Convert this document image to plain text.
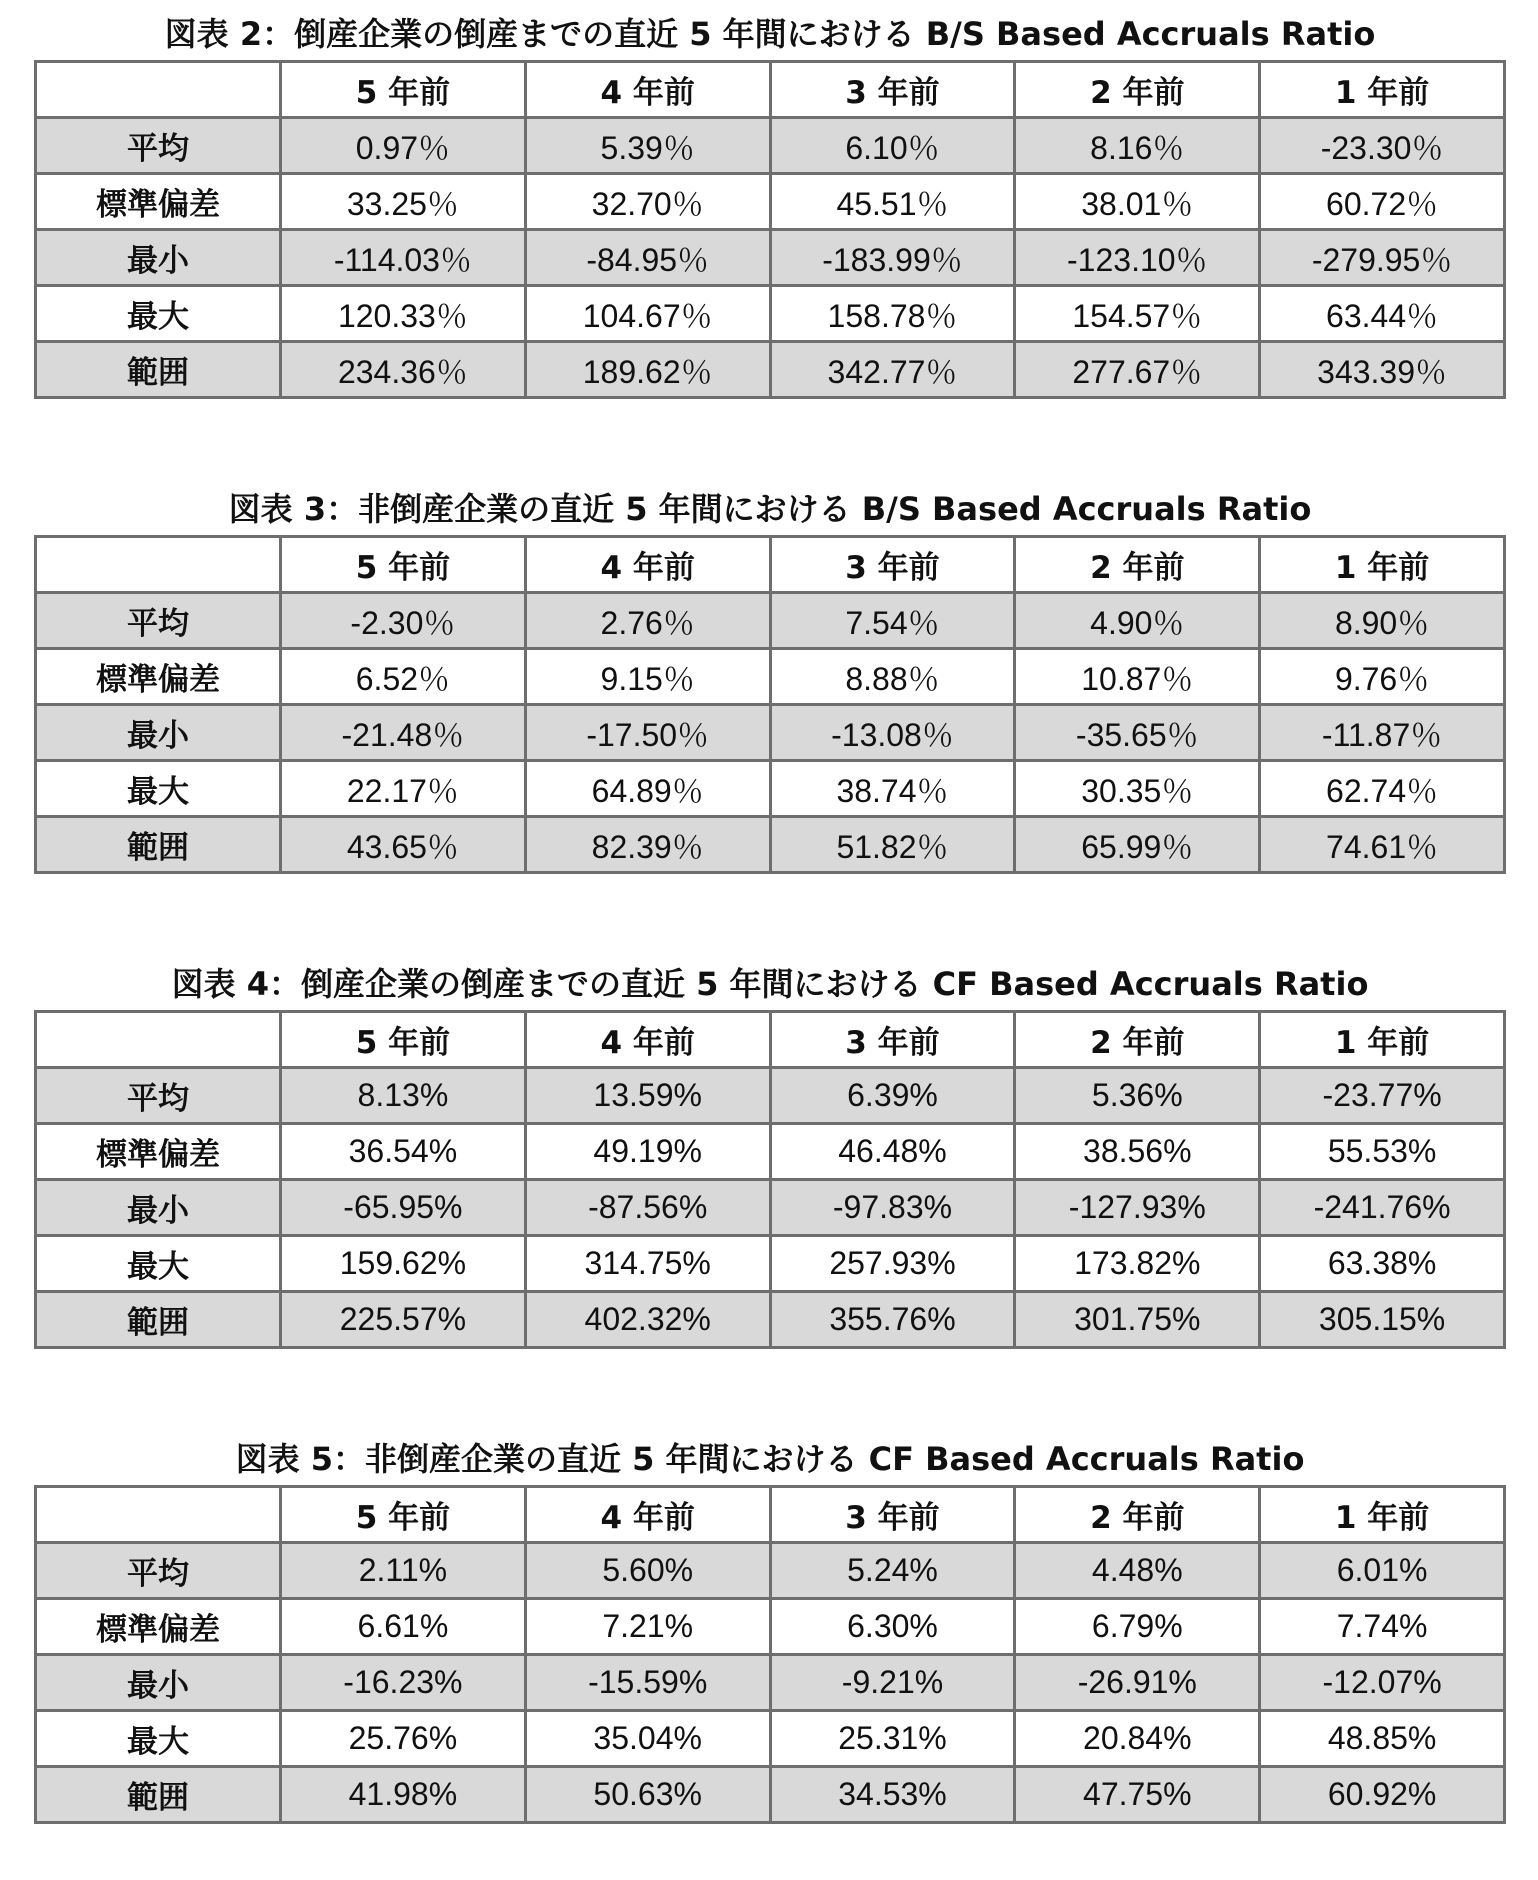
図表 2：倒産企業の倒産までの直近 5 年間における B/S Based Accruals Ratio
	5 年前	4 年前	3 年前	2 年前	1 年前
平均	0.97％	5.39％	6.10％	8.16％	-23.30％
標準偏差	33.25％	32.70％	45.51％	38.01％	60.72％
最小	-114.03％	-84.95％	-183.99％	-123.10％	-279.95％
最大	120.33％	104.67％	158.78％	154.57％	63.44％
範囲	234.36％	189.62％	342.77％	277.67％	343.39％
図表 3：非倒産企業の直近 5 年間における B/S Based Accruals Ratio
	5 年前	4 年前	3 年前	2 年前	1 年前
平均	-2.30％	2.76％	7.54％	4.90％	8.90％
標準偏差	6.52％	9.15％	8.88％	10.87％	9.76％
最小	-21.48％	-17.50％	-13.08％	-35.65％	-11.87％
最大	22.17％	64.89％	38.74％	30.35％	62.74％
範囲	43.65％	82.39％	51.82％	65.99％	74.61％
図表 4：倒産企業の倒産までの直近 5 年間における CF Based Accruals Ratio
	5 年前	4 年前	3 年前	2 年前	1 年前
平均	8.13%	13.59%	6.39%	5.36%	-23.77%
標準偏差	36.54%	49.19%	46.48%	38.56%	55.53%
最小	-65.95%	-87.56%	-97.83%	-127.93%	-241.76%
最大	159.62%	314.75%	257.93%	173.82%	63.38%
範囲	225.57%	402.32%	355.76%	301.75%	305.15%
図表 5：非倒産企業の直近 5 年間における CF Based Accruals Ratio
	5 年前	4 年前	3 年前	2 年前	1 年前
平均	2.11%	5.60%	5.24%	4.48%	6.01%
標準偏差	6.61%	7.21%	6.30%	6.79%	7.74%
最小	-16.23%	-15.59%	-9.21%	-26.91%	-12.07%
最大	25.76%	35.04%	25.31%	20.84%	48.85%
範囲	41.98%	50.63%	34.53%	47.75%	60.92%
